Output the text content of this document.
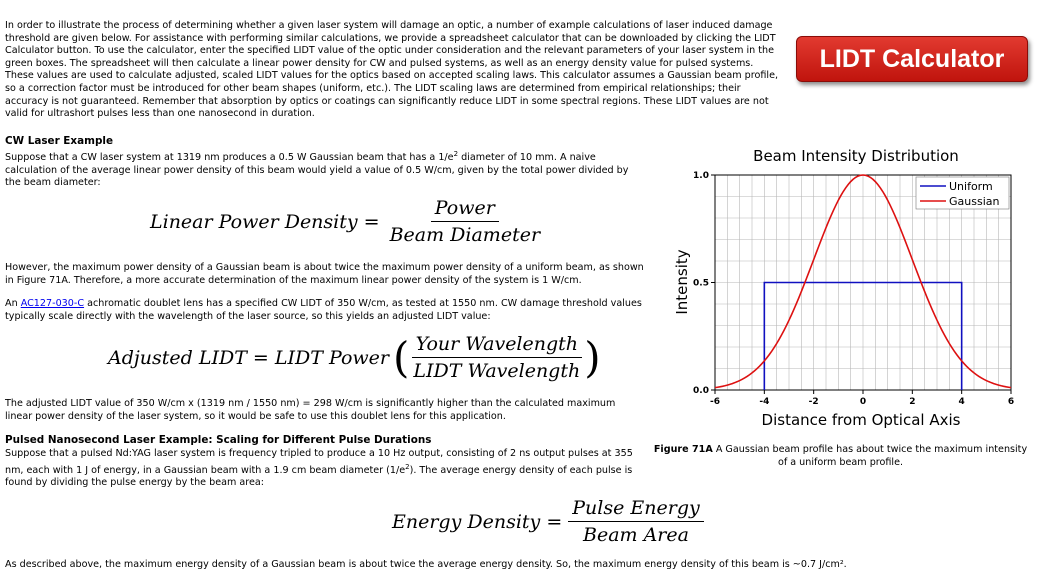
In order to illustrate the process of determining whether a given laser system will damage an optic, a number of example calculations of laser induced damage threshold are given below. For assistance with performing similar calculations, we provide a spreadsheet calculator that can be downloaded by clicking the LIDT Calculator button. To use the calculator, enter the specified LIDT value of the optic under consideration and the relevant parameters of your laser system in the green boxes. The spreadsheet will then calculate a linear power density for CW and pulsed systems, as well as an energy density value for pulsed systems. These values are used to calculate adjusted, scaled LIDT values for the optics based on accepted scaling laws. This calculator assumes a Gaussian beam profile, so a correction factor must be introduced for other beam shapes (uniform, etc.). The LIDT scaling laws are determined from empirical relationships; their accuracy is not guaranteed. Remember that absorption by optics or coatings can significantly reduce LIDT in some spectral regions. These LIDT values are not valid for ultrashort pulses less than one nanosecond in duration.

LIDT Calculator
CW Laser Example

Suppose that a CW laser system at 1319 nm produces a 0.5 W Gaussian beam that has a $1/e^2$ diameter of 10 mm. A naive calculation of the average linear power density of this beam would yield a value of 0.5 W/cm, given by the total power divided by the beam diameter:

Linear Power Density = $\frac{\text{Power}}{\text{Beam Diameter}}$

However, the maximum power density of a Gaussian beam is about twice the maximum power density of a uniform beam, as shown in Figure 71A. Therefore, a more accurate determination of the maximum linear power density of the system is 1 W/cm.

An AC127-030-C achromatic doublet lens has a specified CW LIDT of 350 W/cm, as tested at 1550 nm. CW damage threshold values typically scale directly with the wavelength of the laser source, so this yields an adjusted LIDT value:

Adjusted LIDT = LIDT Power ( $\frac{\text{Your Wavelength}}{\text{LIDT Wavelength}}$ )

The adjusted LIDT value of 350 W/cm x (1319 nm / 1550 nm) = 298 W/cm is significantly higher than the calculated maximum linear power density of the laser system, so it would be safe to use this doublet lens for this application.

Pulsed Nanosecond Laser Example: Scaling for Different Pulse Durations

Suppose that a pulsed Nd:YAG laser system is frequency tripled to produce a 10 Hz output, consisting of 2 ns output pulses at 355 nm, each with 1 J of energy, in a Gaussian beam with a 1.9 cm beam diameter $(1/e^2)$. The average energy density of each pulse is found by dividing the pulse energy by the beam area:

Energy Density = $\frac{\text{Pulse Energy}}{\text{Beam Area}}$

As described above, the maximum energy density of a Gaussian beam is about twice the average energy density. So, the maximum energy density of this beam is ~0.7 J/cm².

Beam Intensity Distribution
-6	-4	-2	0	2	4	6
0.0
0.5
1.0
Distance from Optical Axis
Intensity
Uniform
Gaussian
Figure 71A A Gaussian beam profile has about twice the maximum intensity of a uniform beam profile.
